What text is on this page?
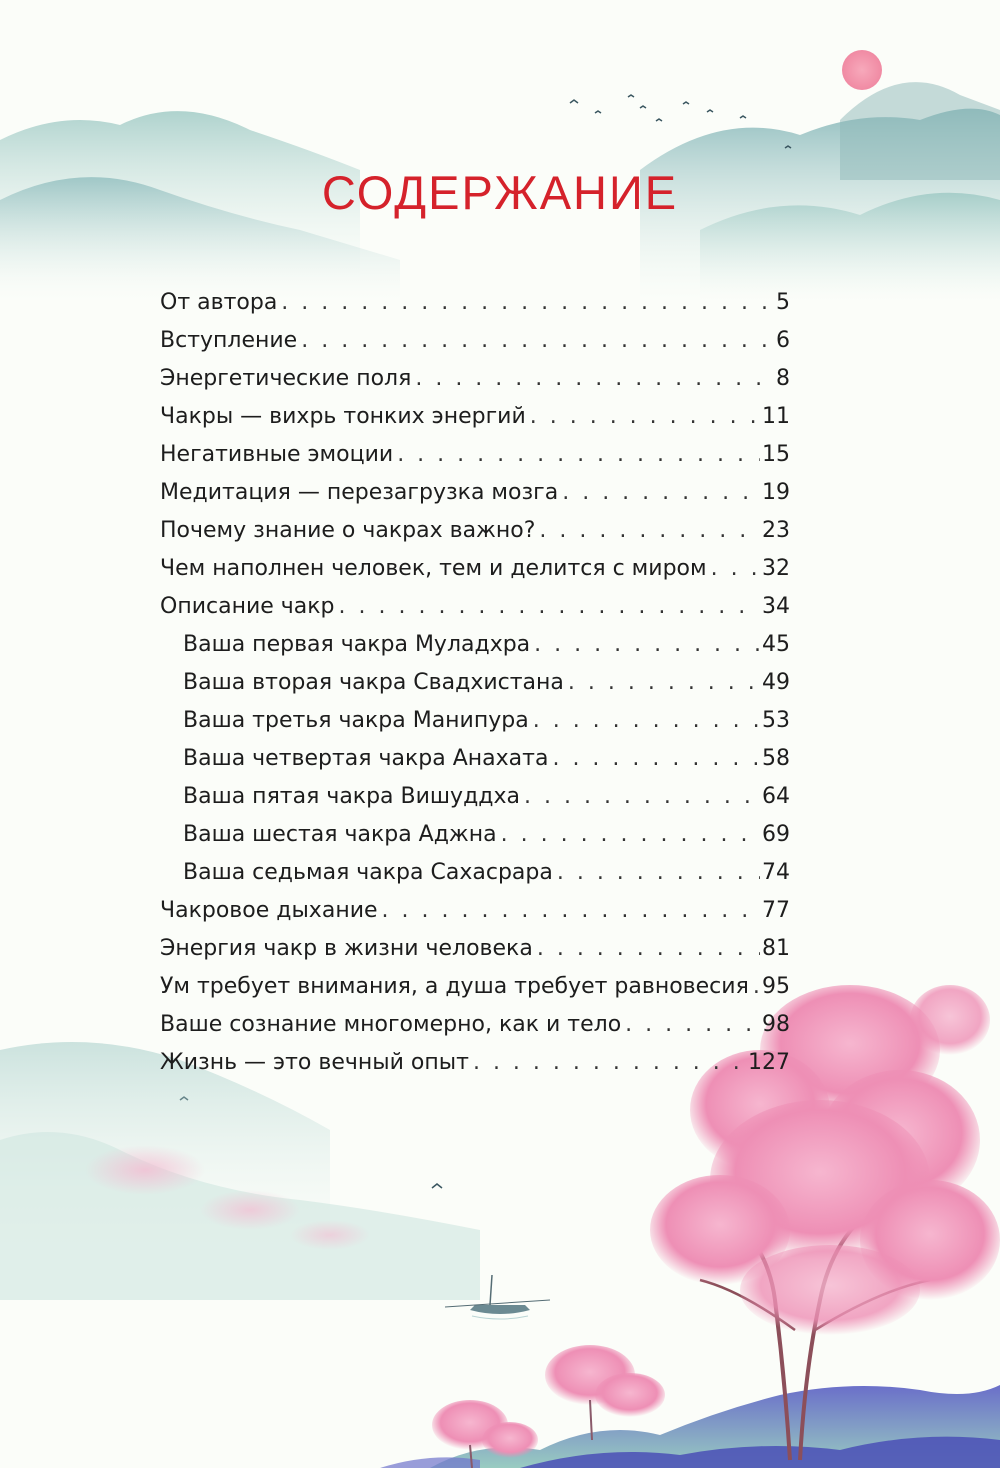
СОДЕРЖАНИЕ
От автора . . .	5
Вступление . . .	6
Энергетические поля . . .	8
Чакры — вихрь тонких энергий . . .	11
Негативные эмоции . . .	15
Медитация — перезагрузка мозга . . .	19
Почему знание о чакрах важно? . . .	23
Чем наполнен человек, тем и делится с миром . . .	32
Описание чакр . . .	34
Ваша первая чакра Муладхра . . .	45
Ваша вторая чакра Свадхистана . . .	49
Ваша третья чакра Манипура . . .	53
Ваша четвертая чакра Анахата . . .	58
Ваша пятая чакра Вишуддха . . .	64
Ваша шестая чакра Аджна . . .	69
Ваша седьмая чакра Сахасрара . . .	74
Чакровое дыхание . . .	77
Энергия чакр в жизни человека . . .	81
Ум требует внимания, а душа требует равновесия . . . 95
Ваше сознание многомерно, как и тело . . .	98
Жизнь — это вечный опыт . . .	127
